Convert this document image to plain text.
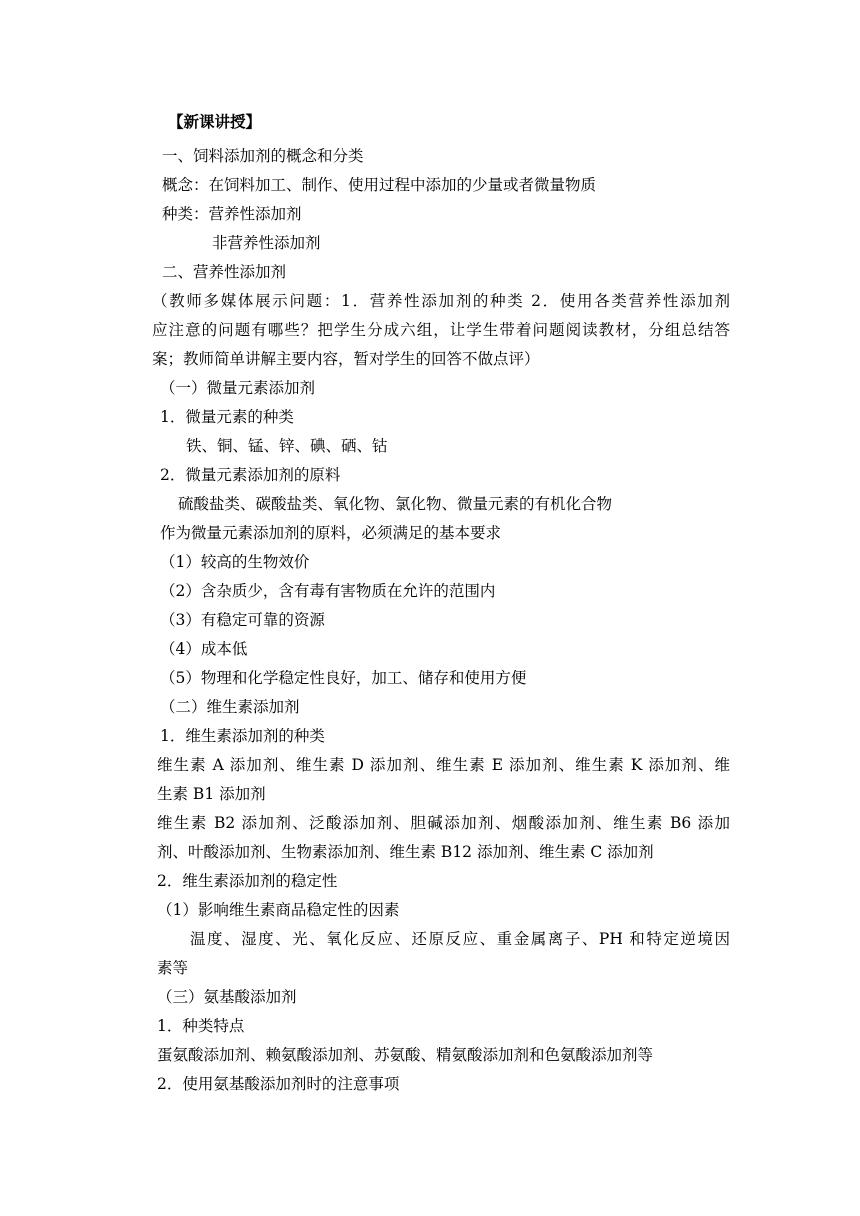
【新课讲授】
一、饲料添加剂的概念和分类
概念：在饲料加工、制作、使用过程中添加的少量或者微量物质
种类：营养性添加剂
非营养性添加剂
二、营养性添加剂
（教师多媒体展示问题：1．营养性添加剂的种类 2．使用各类营养性添加剂
应注意的问题有哪些？把学生分成六组，让学生带着问题阅读教材，分组总结答
案；教师简单讲解主要内容，暂对学生的回答不做点评）
（一）微量元素添加剂
1．微量元素的种类
铁、铜、锰、锌、碘、硒、钴
2．微量元素添加剂的原料
硫酸盐类、碳酸盐类、氧化物、氯化物、微量元素的有机化合物
作为微量元素添加剂的原料，必须满足的基本要求
（1）较高的生物效价
（2）含杂质少，含有毒有害物质在允许的范围内
（3）有稳定可靠的资源
（4）成本低
（5）物理和化学稳定性良好，加工、储存和使用方便
（二）维生素添加剂
1．维生素添加剂的种类
维生素 A 添加剂、维生素 D 添加剂、维生素 E 添加剂、维生素 K 添加剂、维
生素 B1 添加剂
维生素 B2 添加剂、泛酸添加剂、胆碱添加剂、烟酸添加剂、维生素 B6 添加
剂、叶酸添加剂、生物素添加剂、维生素 B12 添加剂、维生素 C 添加剂
2．维生素添加剂的稳定性
（1）影响维生素商品稳定性的因素
温度、湿度、光、氧化反应、还原反应、重金属离子、PH 和特定逆境因
素等
（三）氨基酸添加剂
1．种类特点
蛋氨酸添加剂、赖氨酸添加剂、苏氨酸、精氨酸添加剂和色氨酸添加剂等
2．使用氨基酸添加剂时的注意事项
